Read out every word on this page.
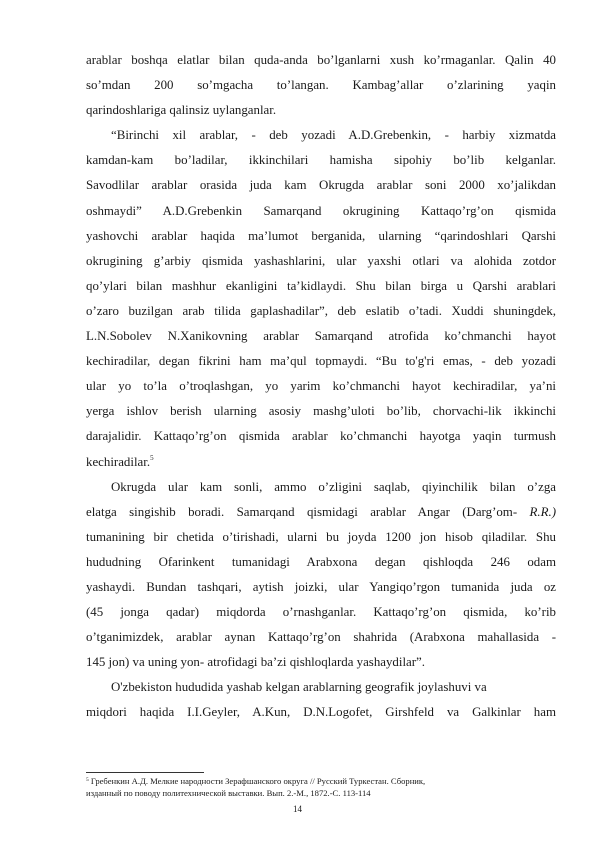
arablar boshqa elatlar bilan quda-anda bo’lganlarni xush ko’rmaganlar. Qalin 40
so’mdan 200 so’mgacha to’langan. Kambag’allar o’zlarining yaqin
qarindoshlariga qalinsiz uylanganlar.
“Birinchi xil arablar, - deb yozadi A.D.Grebenkin, - harbiy xizmatda
kamdan-kam bo’ladilar, ikkinchilari hamisha sipohiy bo’lib kelganlar.
Savodlilar arablar orasida juda kam Okrugda arablar soni 2000 xo’jalikdan
oshmaydi” A.D.Grebenkin Samarqand okrugining Kattaqo’rg’on qismida
yashovchi arablar haqida ma’lumot berganida, ularning “qarindoshlari Qarshi
okrugining g’arbiy qismida yashashlarini, ular yaxshi otlari va alohida zotdor
qo’ylari bilan mashhur ekanligini ta’kidlaydi. Shu bilan birga u Qarshi arablari
o’zaro buzilgan arab tilida gaplashadilar”, deb eslatib o’tadi. Xuddi shuningdek,
L.N.Sobolev N.Xanikovning arablar Samarqand atrofida ko’chmanchi hayot
kechiradilar, degan fikrini ham ma’qul topmaydi. “Bu to'g'ri emas, - deb yozadi
ular yo to’la o’troqlashgan, yo yarim ko’chmanchi hayot kechiradilar, ya’ni
yerga ishlov berish ularning asosiy mashg’uloti bo’lib, chorvachi-lik ikkinchi
darajalidir. Kattaqo’rg’on qismida arablar ko’chmanchi hayotga yaqin turmush
kechiradilar.$^5$
Okrugda ular kam sonli, ammo o’zligini saqlab, qiyinchilik bilan o’zga
elatga singishib boradi. Samarqand qismidagi arablar Angar (Darg’om- R.R.)
tumanining bir chetida o’tirishadi, ularni bu joyda 1200 jon hisob qiladilar. Shu
hududning Ofarinkent tumanidagi Arabxona degan qishloqda 246 odam
yashaydi. Bundan tashqari, aytish joizki, ular Yangiqo’rgon tumanida juda oz
(45 jonga qadar) miqdorda o’rnashganlar. Kattaqo’rg’on qismida, ko’rib
o’tganimizdek, arablar aynan Kattaqo’rg’on shahrida (Arabxona mahallasida -
145 jon) va uning yon- atrofidagi ba’zi qishloqlarda yashaydilar”.
O'zbekiston hududida yashab kelgan arablarning geografik joylashuvi va
miqdori haqida I.I.Geyler, A.Kun, D.N.Logofet, Girshfeld va Galkinlar ham
$^5$ Гребенкин А.Д. Мелкие народности Зерафшанского округа // Русский Туркестан. Сборник,
изданный по поводу политехнической выставки. Вып. 2.-М., 1872.-С. 113-114
14
